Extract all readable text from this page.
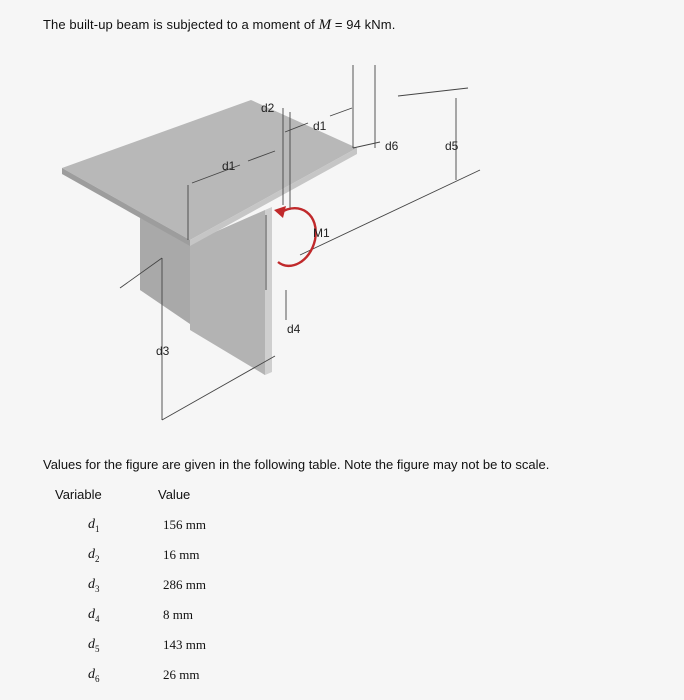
The built-up beam is subjected to a moment of M = 94 kNm.
d2
d1
d1
d6	d5
M1
d4
d3
Values for the figure are given in the following table. Note the figure may not be to scale.
Variable	Value
$d_1$	156 mm
$d_2$	16 mm
$d_3$	286 mm
$d_4$	8 mm
$d_5$	143 mm
$d_6$	26 mm
